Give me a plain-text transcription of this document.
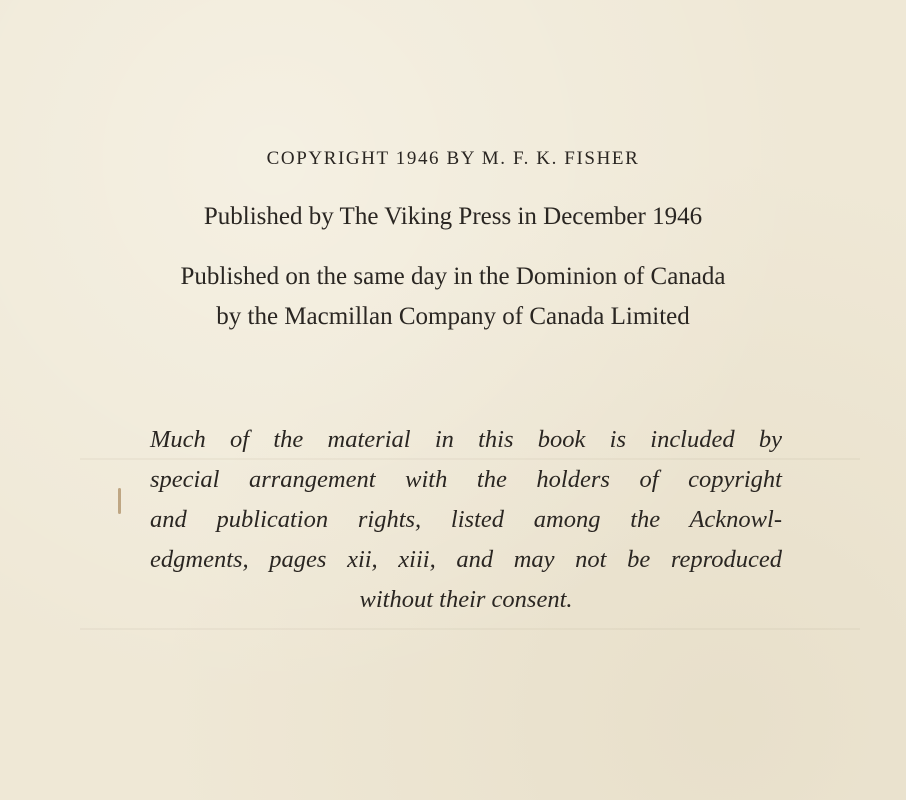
COPYRIGHT 1946 BY M. F. K. FISHER
Published by The Viking Press in December 1946
Published on the same day in the Dominion of Canada
by the Macmillan Company of Canada Limited
Much of the material in this book is included by
special arrangement with the holders of copyright
and publication rights, listed among the Acknowl-
edgments, pages xii, xiii, and may not be reproduced
without their consent.
